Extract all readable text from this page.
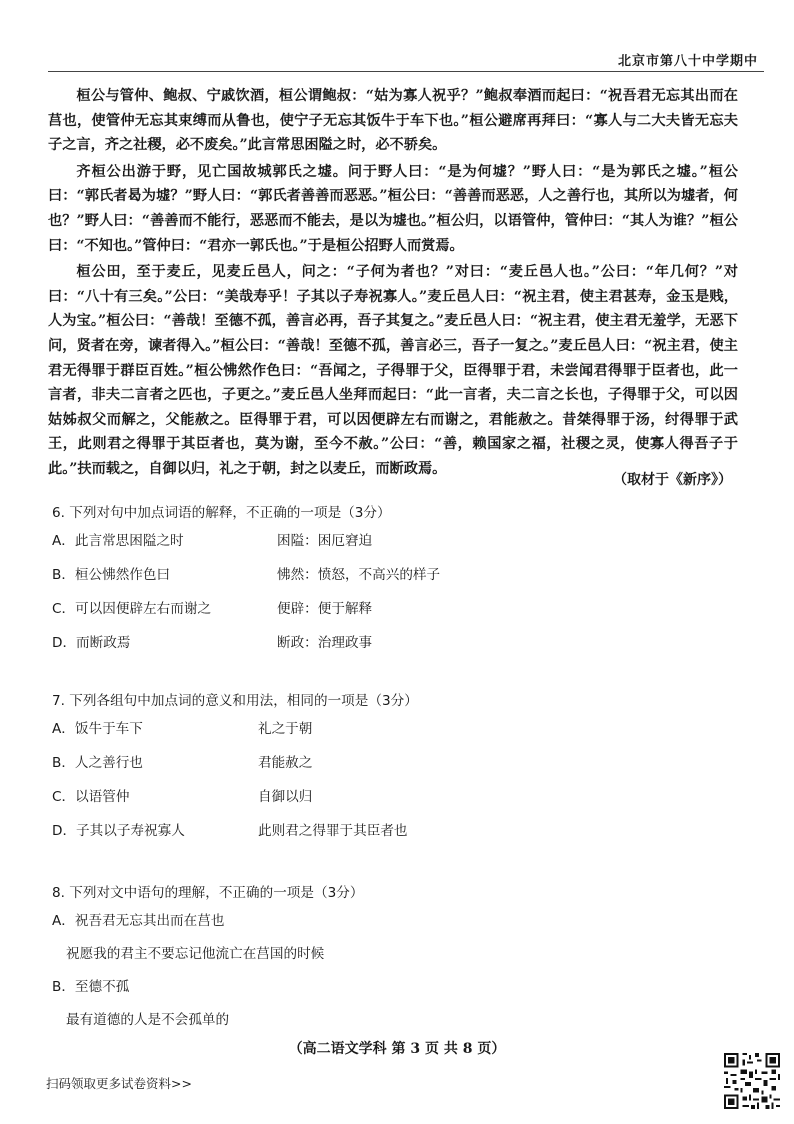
北京市第八十中学期中

桓公与管仲、鲍叔、宁戚饮酒，桓公谓鲍叔：“姑为寡人祝乎？”鲍叔奉酒而起曰：“祝吾君无忘其出而在莒也，使管仲无忘其束缚而从鲁也，使宁子无忘其饭牛于车下也。”桓公避席再拜曰：“寡人与二大夫皆无忘夫子之言，齐之社稷，必不废矣。”此言常思困隘之时，必不骄矣。

齐桓公出游于野，见亡国故城郭氏之墟。问于野人曰：“是为何墟？”野人曰：“是为郭氏之墟。”桓公曰：“郭氏者曷为墟？”野人曰：“郭氏者善善而恶恶。”桓公曰：“善善而恶恶，人之善行也，其所以为墟者，何也？”野人曰：“善善而不能行，恶恶而不能去，是以为墟也。”桓公归，以语管仲，管仲曰：“其人为谁？”桓公曰：“不知也。”管仲曰：“君亦一郭氏也。”于是桓公招野人而赏焉。

桓公田，至于麦丘，见麦丘邑人，问之：“子何为者也？”对曰：“麦丘邑人也。”公曰：“年几何？”对曰：“八十有三矣。”公曰：“美哉寿乎！子其以子寿祝寡人。”麦丘邑人曰：“祝主君，使主君甚寿，金玉是贱，人为宝。”桓公曰：“善哉！至德不孤，善言必再，吾子其复之。”麦丘邑人曰：“祝主君，使主君无羞学，无恶下问，贤者在旁，谏者得入。”桓公曰：“善哉！至德不孤，善言必三，吾子一复之。”麦丘邑人曰：“祝主君，使主君无得罪于群臣百姓。”桓公怫然作色曰：“吾闻之，子得罪于父，臣得罪于君，未尝闻君得罪于臣者也，此一言者，非夫二言者之匹也，子更之。”麦丘邑人坐拜而起曰：“此一言者，夫二言之长也，子得罪于父，可以因姑姊叔父而解之，父能赦之。臣得罪于君，可以因便辟左右而谢之，君能赦之。昔桀得罪于汤，纣得罪于武王，此则君之得罪于其臣者也，莫为谢，至今不赦。”公曰：“善，赖国家之福，社稷之灵，使寡人得吾子于此。”扶而载之，自御以归，礼之于朝，封之以麦丘，而断政焉。

（取材于《新序》）
6. 下列对句中加点词语的解释，不正确的一项是（3分）
A．此言常思困隘之时	困隘：困厄窘迫
B．桓公怫然作色曰	怫然：愤怒，不高兴的样子
C．可以因便辟左右而谢之	便辟：便于解释
D．而断政焉	断政：治理政事
7. 下列各组句中加点词的意义和用法，相同的一项是（3分）
A．饭牛于车下	礼之于朝
B．人之善行也	君能赦之
C．以语管仲	自御以归
D．子其以子寿祝寡人	此则君之得罪于其臣者也
8. 下列对文中语句的理解，不正确的一项是（3分）
A．祝吾君无忘其出而在莒也
祝愿我的君主不要忘记他流亡在莒国的时候
B．至德不孤
最有道德的人是不会孤单的
（高二语文学科 第 3 页 共 8 页）
扫码领取更多试卷资料>>
